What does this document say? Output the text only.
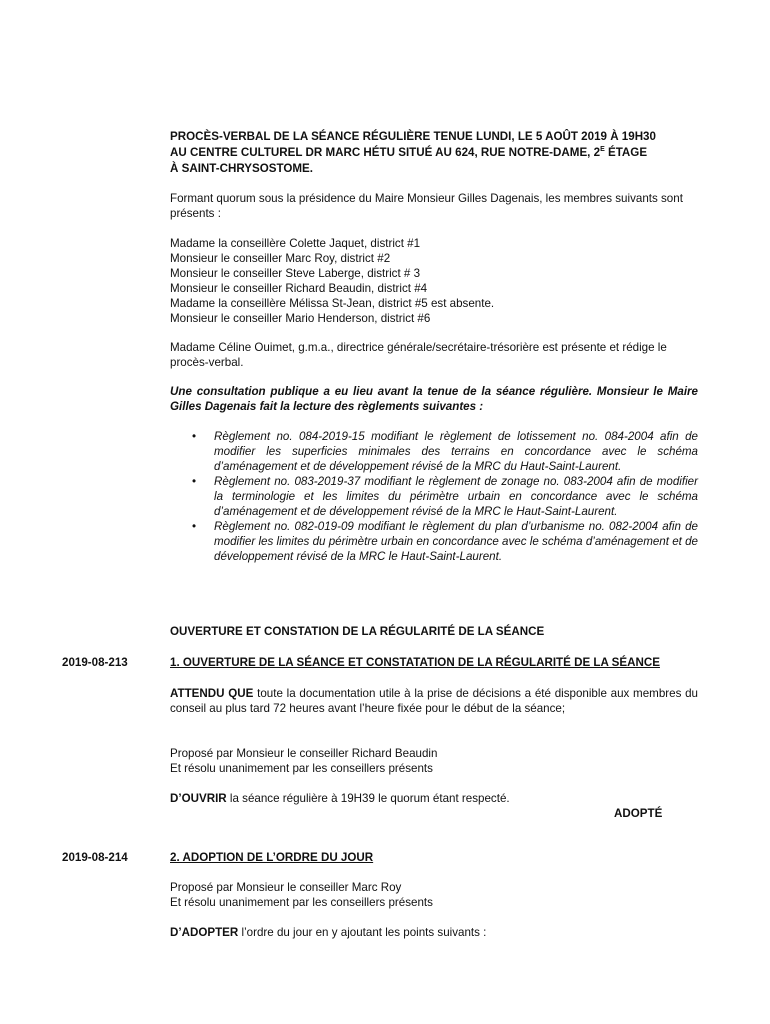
PROCÈS-VERBAL DE LA SÉANCE RÉGULIÈRE TENUE LUNDI, LE 5 AOÛT 2019 À 19H30
AU CENTRE CULTUREL DR MARC HÉTU SITUÉ AU 624, RUE NOTRE-DAME, $2^E$ ÉTAGE
À SAINT-CHRYSOSTOME.

Formant quorum sous la présidence du Maire Monsieur Gilles Dagenais, les membres suivants sont présents :

Madame la conseillère Colette Jaquet, district #1
Monsieur le conseiller Marc Roy, district #2
Monsieur le conseiller Steve Laberge, district # 3
Monsieur le conseiller Richard Beaudin, district #4
Madame la conseillère Mélissa St-Jean, district #5 est absente.
Monsieur le conseiller Mario Henderson, district #6

Madame Céline Ouimet, g.m.a., directrice générale/secrétaire-trésorière est présente et rédige le procès-verbal.

Une consultation publique a eu lieu avant la tenue de la séance régulière. Monsieur le Maire Gilles Dagenais fait la lecture des règlements suivantes :

• Règlement no. 084-2019-15 modifiant le règlement de lotissement no. 084-2004 afin de modifier les superficies minimales des terrains en concordance avec le schéma d’aménagement et de développement révisé de la MRC du Haut-Saint-Laurent.
• Règlement no. 083-2019-37 modifiant le règlement de zonage no. 083-2004 afin de modifier la terminologie et les limites du périmètre urbain en concordance avec le schéma d’aménagement et de développement révisé de la MRC le Haut-Saint-Laurent.
• Règlement no. 082-019-09 modifiant le règlement du plan d’urbanisme no. 082-2004 afin de modifier les limites du périmètre urbain en concordance avec le schéma d’aménagement et de développement révisé de la MRC le Haut-Saint-Laurent.

OUVERTURE ET CONSTATION DE LA RÉGULARITÉ DE LA SÉANCE

2019-08-213	1. OUVERTURE DE LA SÉANCE ET CONSTATATION DE LA RÉGULARITÉ DE LA SÉANCE

ATTENDU QUE toute la documentation utile à la prise de décisions a été disponible aux membres du conseil au plus tard 72 heures avant l’heure fixée pour le début de la séance;

Proposé par Monsieur le conseiller Richard Beaudin
Et résolu unanimement par les conseillers présents

D’OUVRIR la séance régulière à 19H39 le quorum étant respecté.

ADOPTÉ
2019-08-214	2. ADOPTION DE L’ORDRE DU JOUR
Proposé par Monsieur le conseiller Marc Roy
Et résolu unanimement par les conseillers présents

D’ADOPTER l’ordre du jour en y ajoutant les points suivants :
